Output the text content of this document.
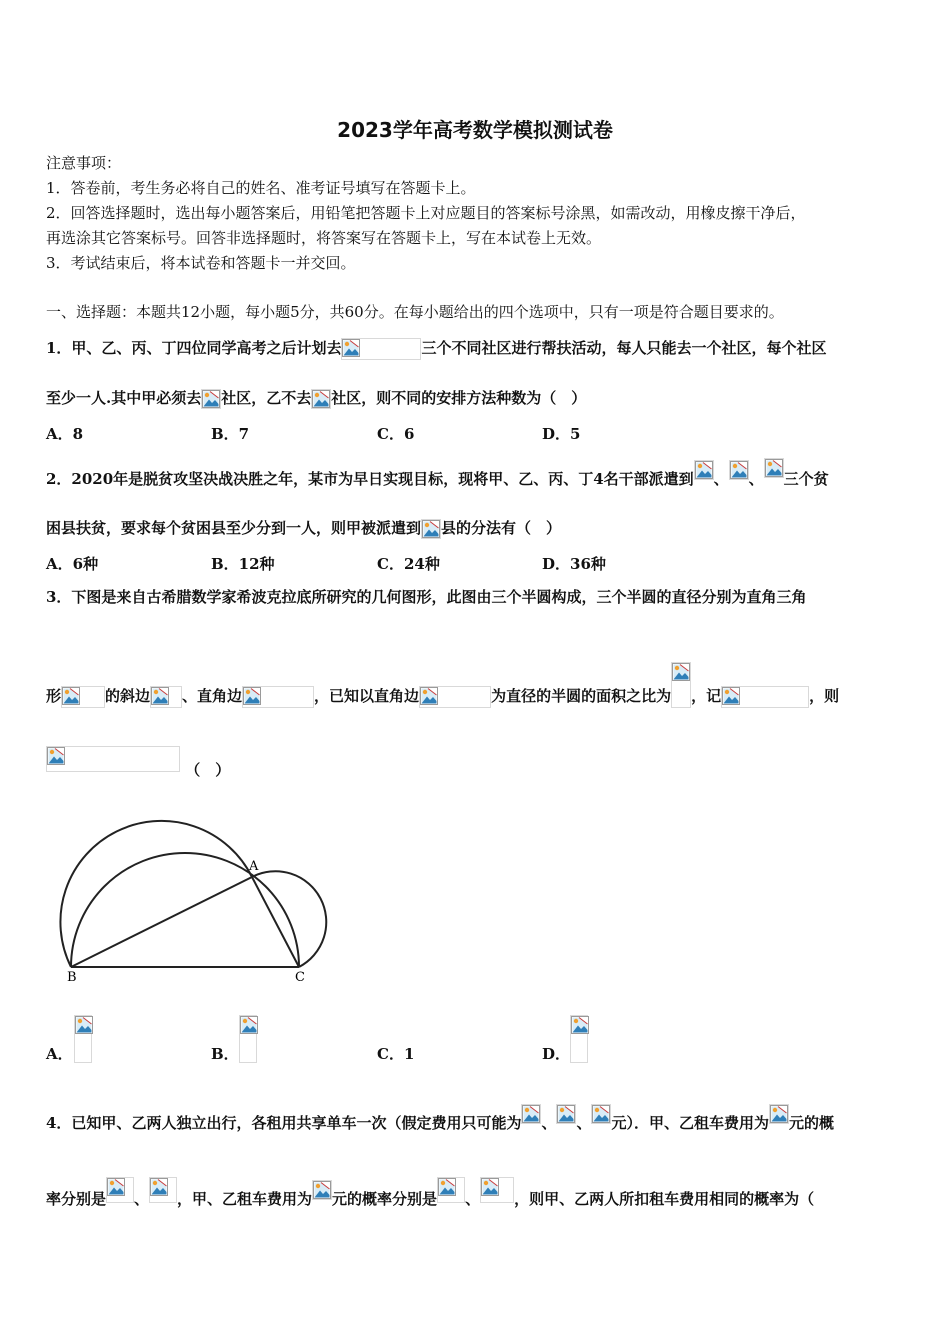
2023学年高考数学模拟测试卷
注意事项：
1．答卷前，考生务必将自己的姓名、准考证号填写在答题卡上。
2．回答选择题时，选出每小题答案后，用铅笔把答题卡上对应题目的答案标号涂黑，如需改动，用橡皮擦干净后，
再选涂其它答案标号。回答非选择题时，将答案写在答题卡上，写在本试卷上无效。
3．考试结束后，将本试卷和答题卡一并交回。
一、选择题：本题共12小题，每小题5分，共60分。在每小题给出的四个选项中，只有一项是符合题目要求的。
1．甲、乙、丙、丁四位同学高考之后计划去	三个不同社区进行帮扶活动，每人只能去一个社区，每个社区
至少一人.其中甲必须去 社区，乙不去 社区，则不同的安排方法种数为（　）
A．8	B．7	C．6	D．5
2．2020年是脱贫攻坚决战决胜之年，某市为早日实现目标，现将甲、乙、丙、丁4名干部派遣到 、 、 三个贫
困县扶贫，要求每个贫困县至少分到一人，则甲被派遣到 县的分法有（　）
A．6种	B．12种	C．24种	D．36种
3．下图是来自古希腊数学家希波克拉底所研究的几何图形，此图由三个半圆构成，三个半圆的直径分别为直角三角
形	的斜边 、直角边	，已知以直角边	为直径的半圆的面积之比为 ，记	，则
（　）
A
B	C
A．	B．	C．1	D．
4．已知甲、乙两人独立出行，各租用共享单车一次（假定费用只可能为 、 、 元）．甲、乙租车费用为 元的概
率分别是 、 ，甲、乙租车费用为 元的概率分别是 、 ，则甲、乙两人所扣租车费用相同的概率为（
